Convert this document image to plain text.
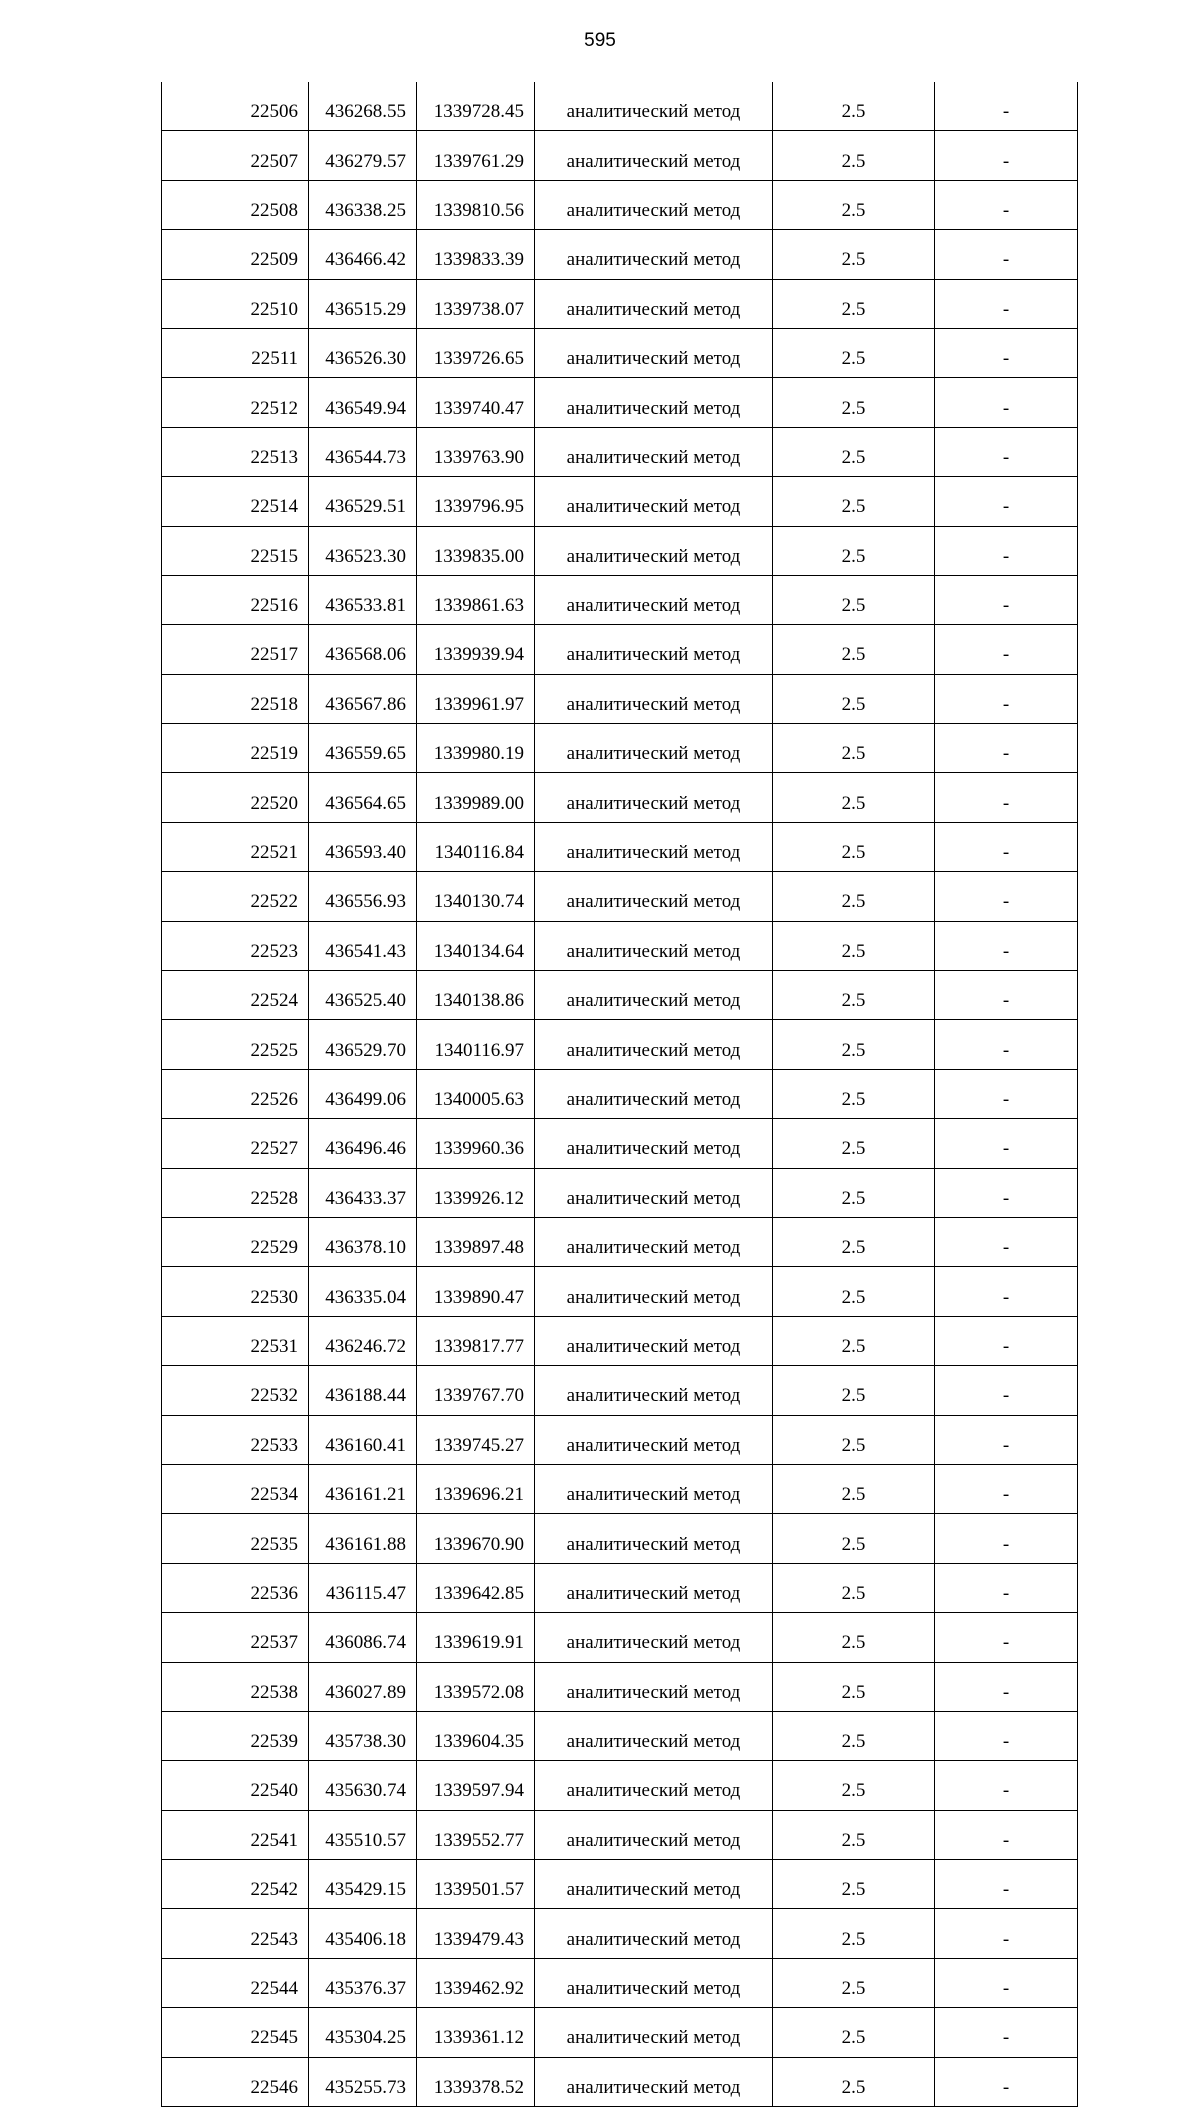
595
22506	436268.55	1339728.45	аналитический метод	2.5	-
22507	436279.57	1339761.29	аналитический метод	2.5	-
22508	436338.25	1339810.56	аналитический метод	2.5	-
22509	436466.42	1339833.39	аналитический метод	2.5	-
22510	436515.29	1339738.07	аналитический метод	2.5	-
22511	436526.30	1339726.65	аналитический метод	2.5	-
22512	436549.94	1339740.47	аналитический метод	2.5	-
22513	436544.73	1339763.90	аналитический метод	2.5	-
22514	436529.51	1339796.95	аналитический метод	2.5	-
22515	436523.30	1339835.00	аналитический метод	2.5	-
22516	436533.81	1339861.63	аналитический метод	2.5	-
22517	436568.06	1339939.94	аналитический метод	2.5	-
22518	436567.86	1339961.97	аналитический метод	2.5	-
22519	436559.65	1339980.19	аналитический метод	2.5	-
22520	436564.65	1339989.00	аналитический метод	2.5	-
22521	436593.40	1340116.84	аналитический метод	2.5	-
22522	436556.93	1340130.74	аналитический метод	2.5	-
22523	436541.43	1340134.64	аналитический метод	2.5	-
22524	436525.40	1340138.86	аналитический метод	2.5	-
22525	436529.70	1340116.97	аналитический метод	2.5	-
22526	436499.06	1340005.63	аналитический метод	2.5	-
22527	436496.46	1339960.36	аналитический метод	2.5	-
22528	436433.37	1339926.12	аналитический метод	2.5	-
22529	436378.10	1339897.48	аналитический метод	2.5	-
22530	436335.04	1339890.47	аналитический метод	2.5	-
22531	436246.72	1339817.77	аналитический метод	2.5	-
22532	436188.44	1339767.70	аналитический метод	2.5	-
22533	436160.41	1339745.27	аналитический метод	2.5	-
22534	436161.21	1339696.21	аналитический метод	2.5	-
22535	436161.88	1339670.90	аналитический метод	2.5	-
22536	436115.47	1339642.85	аналитический метод	2.5	-
22537	436086.74	1339619.91	аналитический метод	2.5	-
22538	436027.89	1339572.08	аналитический метод	2.5	-
22539	435738.30	1339604.35	аналитический метод	2.5	-
22540	435630.74	1339597.94	аналитический метод	2.5	-
22541	435510.57	1339552.77	аналитический метод	2.5	-
22542	435429.15	1339501.57	аналитический метод	2.5	-
22543	435406.18	1339479.43	аналитический метод	2.5	-
22544	435376.37	1339462.92	аналитический метод	2.5	-
22545	435304.25	1339361.12	аналитический метод	2.5	-
22546	435255.73	1339378.52	аналитический метод	2.5	-
